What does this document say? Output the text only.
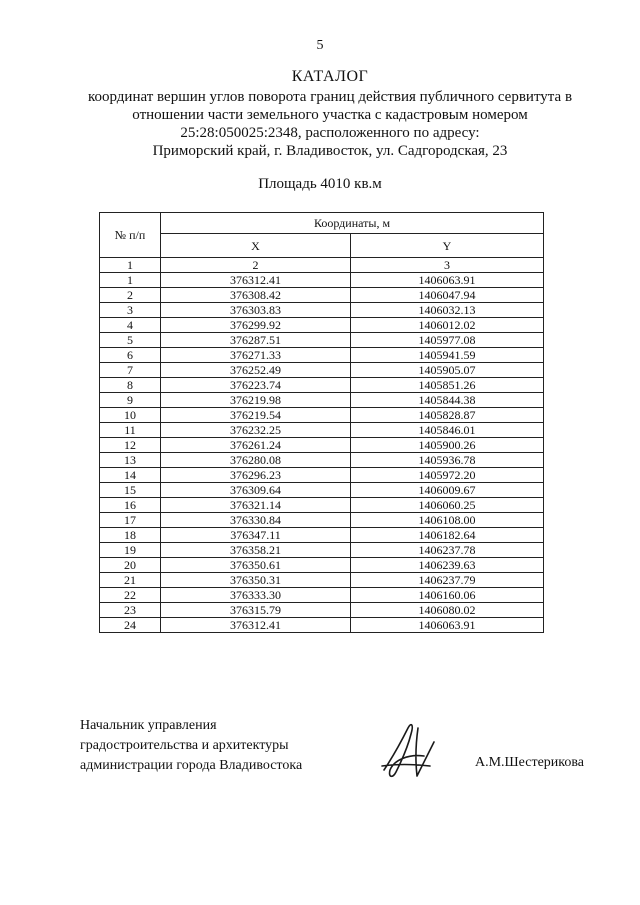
5
КАТАЛОГ
координат вершин углов поворота границ действия публичного сервитута в
отношении части земельного участка с кадастровым номером
25:28:050025:2348, расположенного по адресу:
Приморский край, г. Владивосток, ул. Садгородская, 23
Площадь 4010 кв.м
№ п/п	Координаты, м	
	X	Y
1	2	3
1	376312.41	1406063.91
2	376308.42	1406047.94
3	376303.83	1406032.13
4	376299.92	1406012.02
5	376287.51	1405977.08
6	376271.33	1405941.59
7	376252.49	1405905.07
8	376223.74	1405851.26
9	376219.98	1405844.38
10	376219.54	1405828.87
11	376232.25	1405846.01
12	376261.24	1405900.26
13	376280.08	1405936.78
14	376296.23	1405972.20
15	376309.64	1406009.67
16	376321.14	1406060.25
17	376330.84	1406108.00
18	376347.11	1406182.64
19	376358.21	1406237.78
20	376350.61	1406239.63
21	376350.31	1406237.79
22	376333.30	1406160.06
23	376315.79	1406080.02
24	376312.41	1406063.91
Начальник управления
градостроительства и архитектуры
администрации города Владивостока	А.М.Шестерикова
